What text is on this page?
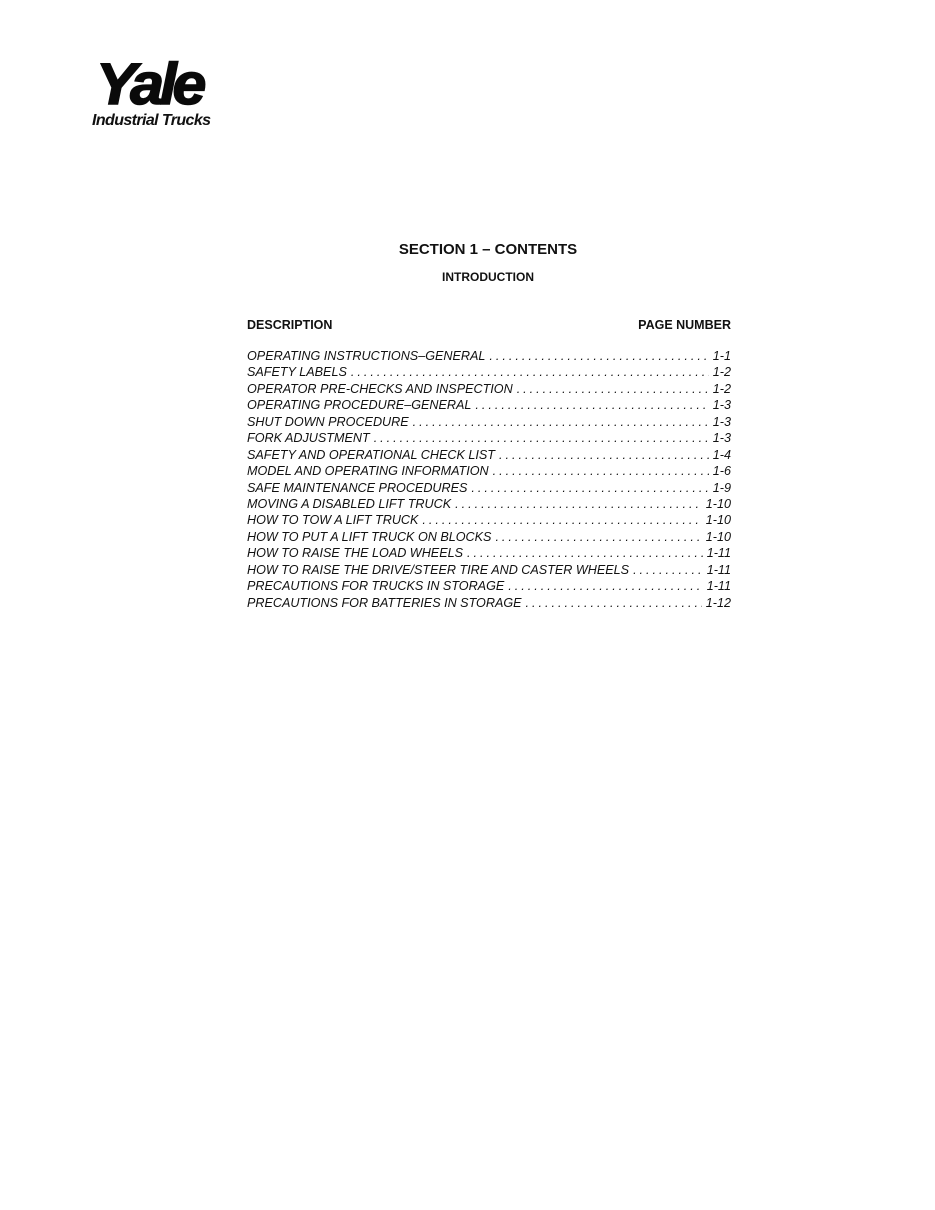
Yale
Industrial Trucks
SECTION 1 – CONTENTS
INTRODUCTION
DESCRIPTION	PAGE NUMBER
OPERATING INSTRUCTIONS–GENERAL . . .	1-1
SAFETY LABELS . . .	1-2
OPERATOR PRE-CHECKS AND INSPECTION . . .	1-2
OPERATING PROCEDURE–GENERAL . . .	1-3
SHUT DOWN PROCEDURE . . .	1-3
FORK ADJUSTMENT . . .	1-3
SAFETY AND OPERATIONAL CHECK LIST . . .	1-4
MODEL AND OPERATING INFORMATION . . .	1-6
SAFE MAINTENANCE PROCEDURES . . .	1-9
MOVING A DISABLED LIFT TRUCK . . .	1-10
HOW TO TOW A LIFT TRUCK . . .	1-10
HOW TO PUT A LIFT TRUCK ON BLOCKS . . .	1-10
HOW TO RAISE THE LOAD WHEELS . . .	1-11
HOW TO RAISE THE DRIVE/STEER TIRE AND CASTER WHEELS . . .	1-11
PRECAUTIONS FOR TRUCKS IN STORAGE . . .	1-11
PRECAUTIONS FOR BATTERIES IN STORAGE . . .	1-12
